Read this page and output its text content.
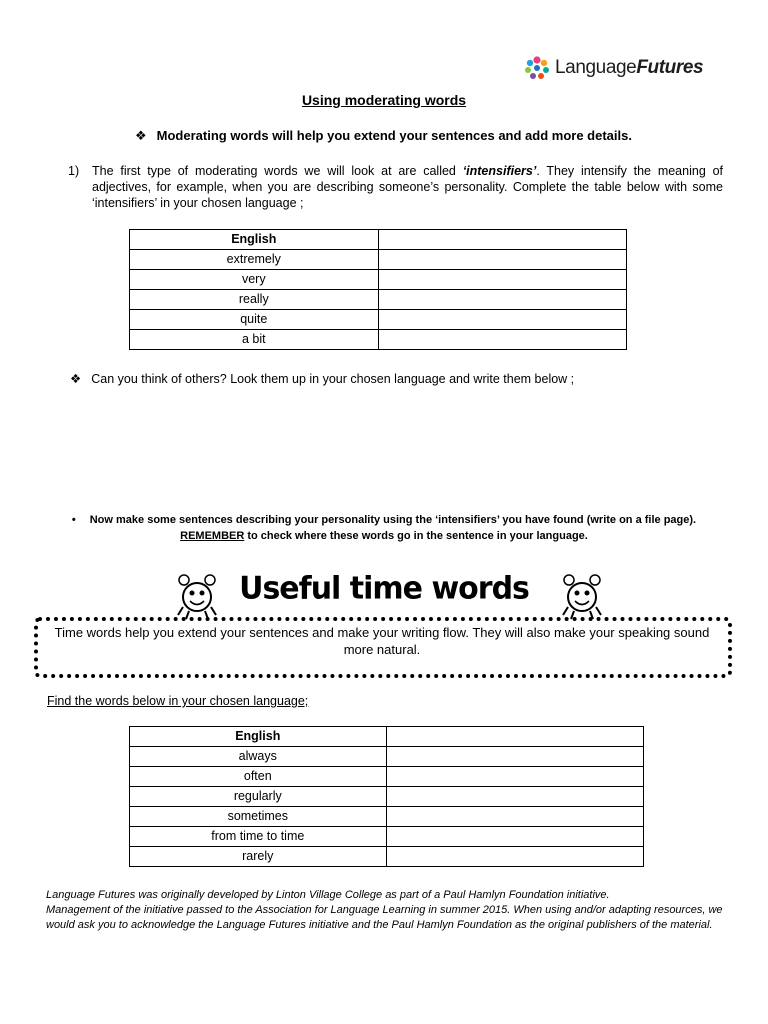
LanguageFutures
Using moderating words
❖ Moderating words will help you extend your sentences and add more details.
1) The first type of moderating words we will look at are called ‘intensifiers’. They intensify the meaning of adjectives, for example, when you are describing someone’s personality. Complete the table below with some ‘intensifiers’ in your chosen language ;
English	
extremely	
very	
really	
quite	
a bit	
❖ Can you think of others? Look them up in your chosen language and write them below ;
• Now make some sentences describing your personality using the ‘intensifiers’ you have found (write on a file page).
REMEMBER to check where these words go in the sentence in your language.
Useful time words
Time words help you extend your sentences and make your writing flow. They will also make your speaking sound more natural.
Find the words below in your chosen language;
English	
always	
often	
regularly	
sometimes	
from time to time	
rarely	
Language Futures was originally developed by Linton Village College as part of a Paul Hamlyn Foundation initiative.
Management of the initiative passed to the Association for Language Learning in summer 2015. When using and/or adapting resources, we would ask you to acknowledge the Language Futures initiative and the Paul Hamlyn Foundation as the original publishers of the material.
